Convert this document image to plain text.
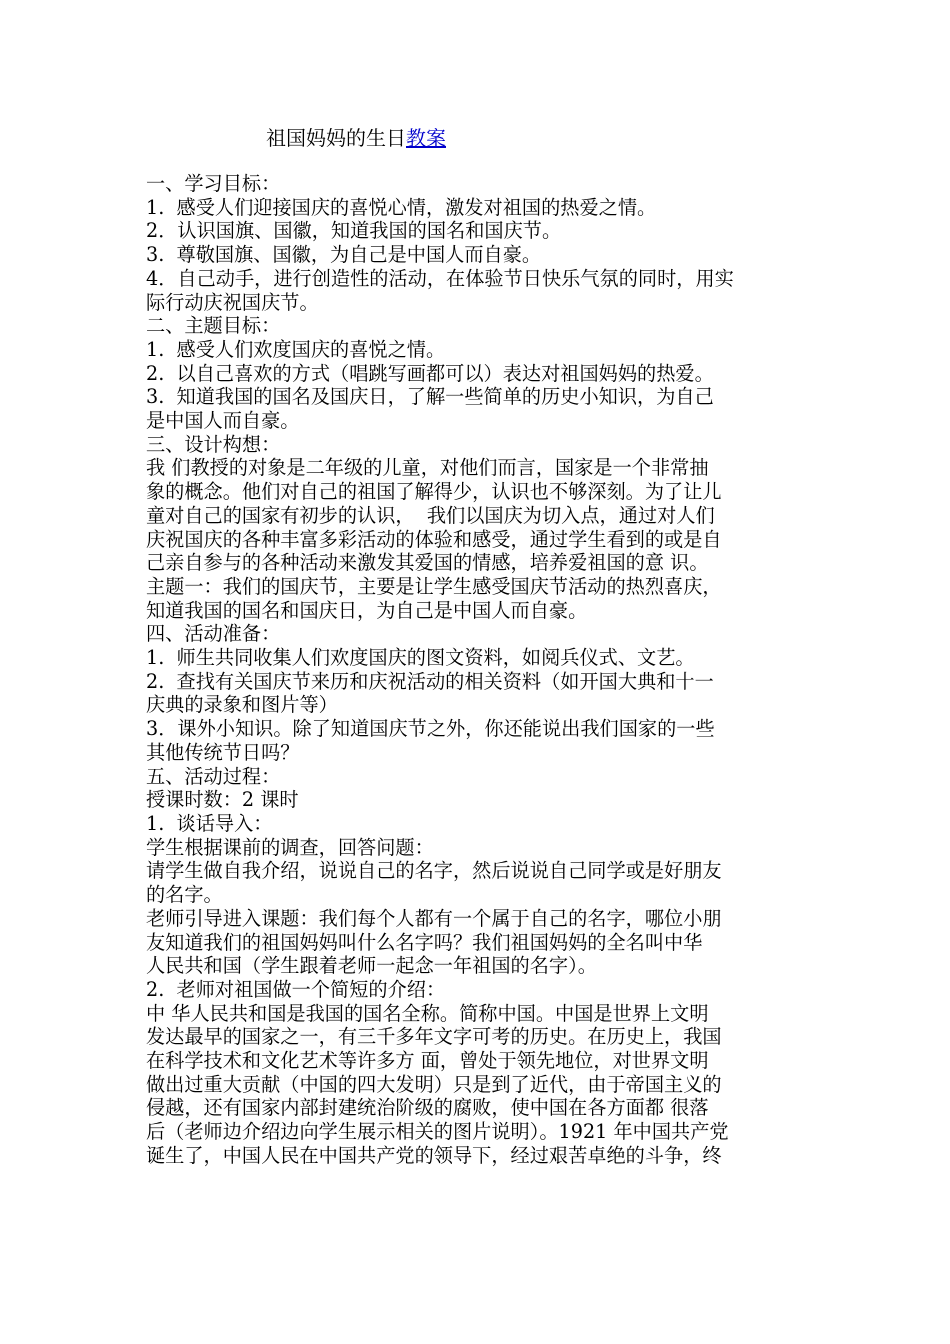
祖国妈妈的生日教案
一、学习目标：
1.  感受人们迎接国庆的喜悦心情，激发对祖国的热爱之情。
2．认识国旗、国徽，知道我国的国名和国庆节。
3.  尊敬国旗、国徽，为自己是中国人而自豪。
4．自己动手，进行创造性的活动，在体验节日快乐气氛的同时，用实
际行动庆祝国庆节。
二、主题目标：
1.  感受人们欢度国庆的喜悦之情。
2.  以自己喜欢的方式（唱跳写画都可以）表达对祖国妈妈的热爱。
3.  知道我国的国名及国庆日，了解一些简单的历史小知识，为自己
是中国人而自豪。
三、设计构想：
我 们教授的对象是二年级的儿童，对他们而言，国家是一个非常抽
象的概念。他们对自己的祖国了解得少，认识也不够深刻。为了让儿
童对自己的国家有初步的认识，  我们以国庆为切入点，通过对人们
庆祝国庆的各种丰富多彩活动的体验和感受，通过学生看到的或是自
己亲自参与的各种活动来激发其爱国的情感，培养爱祖国的意 识。
主题一：我们的国庆节，主要是让学生感受国庆节活动的热烈喜庆，
知道我国的国名和国庆日，为自己是中国人而自豪。
四、活动准备：
1.  师生共同收集人们欢度国庆的图文资料，如阅兵仪式、文艺。
2.  查找有关国庆节来历和庆祝活动的相关资料（如开国大典和十一
庆典的录象和图片等）
3．课外小知识。除了知道国庆节之外，你还能说出我们国家的一些
其他传统节日吗？
五、活动过程：
授课时数：2 课时
1.  谈话导入：
学生根据课前的调查，回答问题：
请学生做自我介绍，说说自己的名字，然后说说自己同学或是好朋友
的名字。
老师引导进入课题：我们每个人都有一个属于自己的名字，哪位小朋
友知道我们的祖国妈妈叫什么名字吗？我们祖国妈妈的全名叫中华
人民共和国（学生跟着老师一起念一年祖国的名字）。
2.  老师对祖国做一个简短的介绍：
中 华人民共和国是我国的国名全称。简称中国。中国是世界上文明
发达最早的国家之一，有三千多年文字可考的历史。在历史上，我国
在科学技术和文化艺术等许多方 面，曾处于领先地位，对世界文明
做出过重大贡献（中国的四大发明）只是到了近代，由于帝国主义的
侵越，还有国家内部封建统治阶级的腐败，使中国在各方面都 很落
后（老师边介绍边向学生展示相关的图片说明）。1921 年中国共产党
诞生了，中国人民在中国共产党的领导下，经过艰苦卓绝的斗争，终
